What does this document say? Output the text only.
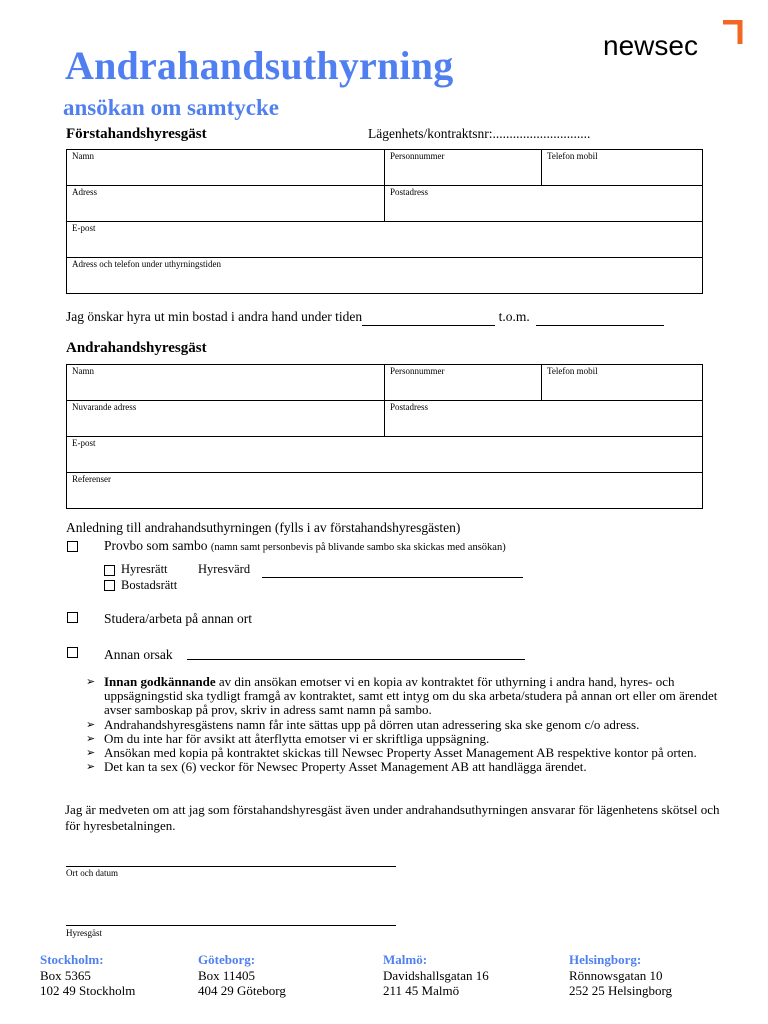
Andrahandsuthyrning
ansökan om samtycke
newsec
Förstahandshyresgäst	Lägenhets/kontraktsnr:.............................
Namn	Personnummer	Telefon mobil
Adress	Postadress	
E-post		
Adress och telefon under uthyrningstiden		
Jag önskar hyra ut min bostad i andra hand under tiden	t.o.m.
Andrahandshyresgäst
Namn	Personnummer	Telefon mobil
Nuvarande adress	Postadress	
E-post		
Referenser		
Anledning till andrahandsuthyrningen (fylls i av förstahandshyresgästen)
Provbo som sambo (namn samt personbevis på blivande sambo ska skickas med ansökan)
Hyresrätt Hyresvärd
Bostadsrätt
Studera/arbeta på annan ort
Annan orsak
➢ Innan godkännande av din ansökan emotser vi en kopia av kontraktet för uthyrning i andra hand, hyres- och uppsägningstid ska tydligt framgå av kontraktet, samt ett intyg om du ska arbeta/studera på annan ort eller om ärendet avser samboskap på prov, skriv in adress samt namn på sambo.
➢ Andrahandshyresgästens namn får inte sättas upp på dörren utan adressering ska ske genom c/o adress.
➢ Om du inte har för avsikt att återflytta emotser vi er skriftliga uppsägning.
➢ Ansökan med kopia på kontraktet skickas till Newsec Property Asset Management AB respektive kontor på orten.
➢ Det kan ta sex (6) veckor för Newsec Property Asset Management AB att handlägga ärendet.
Jag är medveten om att jag som förstahandshyresgäst även under andrahandsuthyrningen ansvarar för lägenhetens skötsel och för hyresbetalningen.
Ort och datum
Hyresgäst
Stockholm:
Box 5365
102 49 Stockholm
Göteborg:
Box 11405
404 29 Göteborg
Malmö:
Davidshallsgatan 16
211 45 Malmö
Helsingborg:
Rönnowsgatan 10
252 25 Helsingborg
